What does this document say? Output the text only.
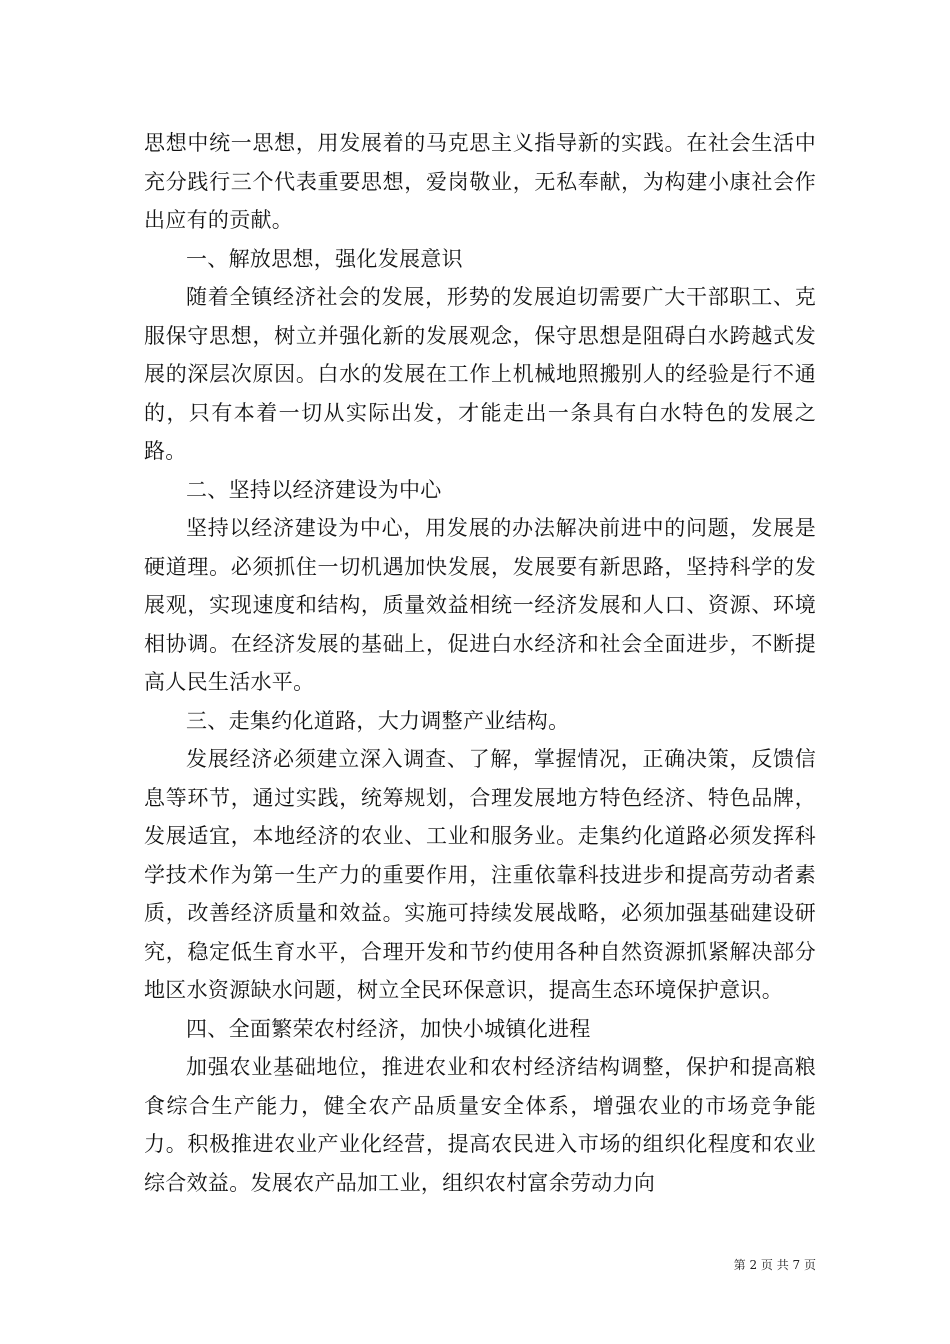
思想中统一思想，用发展着的马克思主义指导新的实践。在社会生活中充分践行三个代表重要思想，爱岗敬业，无私奉献，为构建小康社会作出应有的贡献。

一、解放思想，强化发展意识

随着全镇经济社会的发展，形势的发展迫切需要广大干部职工、克服保守思想，树立并强化新的发展观念，保守思想是阻碍白水跨越式发展的深层次原因。白水的发展在工作上机械地照搬别人的经验是行不通的，只有本着一切从实际出发，才能走出一条具有白水特色的发展之路。

二、坚持以经济建设为中心

坚持以经济建设为中心，用发展的办法解决前进中的问题，发展是硬道理。必须抓住一切机遇加快发展，发展要有新思路，坚持科学的发展观，实现速度和结构，质量效益相统一经济发展和人口、资源、环境相协调。在经济发展的基础上，促进白水经济和社会全面进步，不断提高人民生活水平。

三、走集约化道路，大力调整产业结构。

发展经济必须建立深入调查、了解，掌握情况，正确决策，反馈信息等环节，通过实践，统筹规划，合理发展地方特色经济、特色品牌，发展适宜，本地经济的农业、工业和服务业。走集约化道路必须发挥科学技术作为第一生产力的重要作用，注重依靠科技进步和提高劳动者素质，改善经济质量和效益。实施可持续发展战略，必须加强基础建设研究，稳定低生育水平，合理开发和节约使用各种自然资源抓紧解决部分地区水资源缺水问题，树立全民环保意识，提高生态环境保护意识。

四、全面繁荣农村经济，加快小城镇化进程

加强农业基础地位，推进农业和农村经济结构调整，保护和提高粮食综合生产能力，健全农产品质量安全体系，增强农业的市场竞争能力。积极推进农业产业化经营，提高农民进入市场的组织化程度和农业综合效益。发展农产品加工业，组织农村富余劳动力向

第 2 页 共 7 页
